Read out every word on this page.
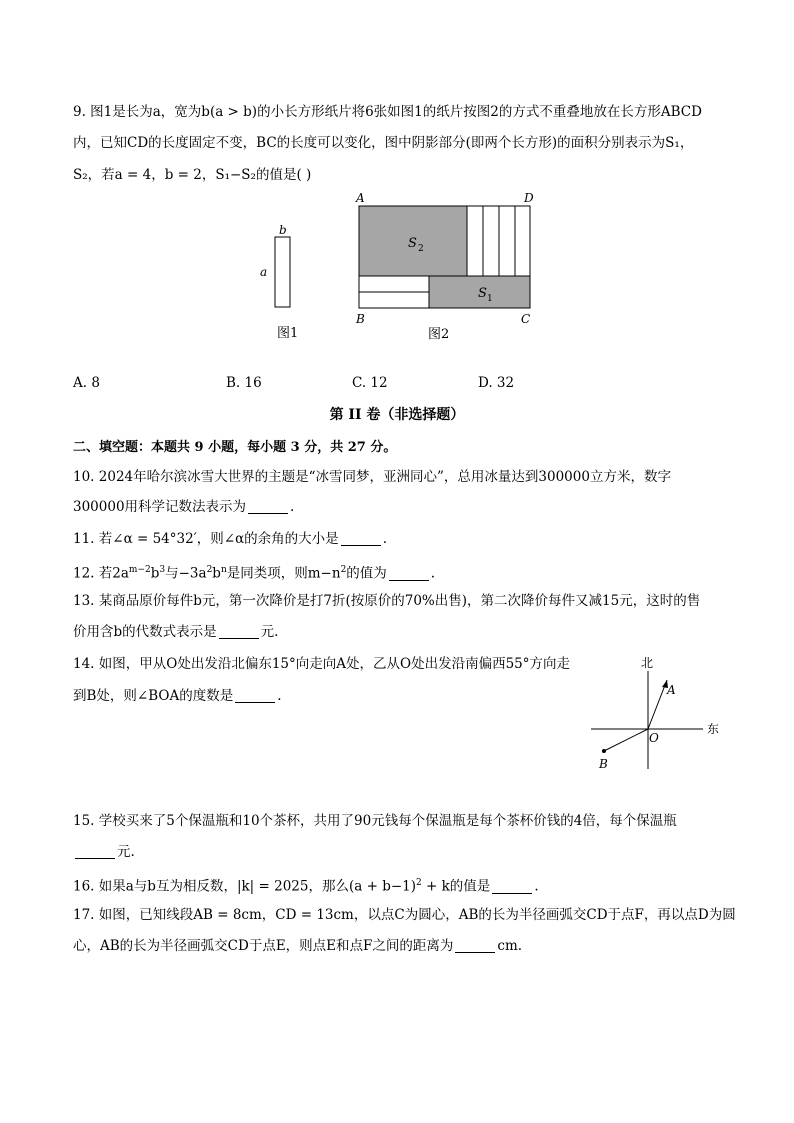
9. 图1是长为a，宽为b(a > b)的小长方形纸片将6张如图1的纸片按图2的方式不重叠地放在长方形ABCD
内，已知CD的长度固定不变，BC的长度可以变化，图中阴影部分(即两个长方形)的面积分别表示为S₁，
S₂，若a = 4，b = 2，S₁−S₂的值是( )
b
a
图1
A	D
B	C
S 2
S 1
图2
A. 8	B. 16	C. 12	D. 32
第 II 卷（非选择题）
二、填空题：本题共 9 小题，每小题 3 分，共 27 分。
10. 2024年哈尔滨冰雪大世界的主题是“冰雪同梦，亚洲同心”，总用冰量达到300000立方米，数字
300000用科学记数法表示为	.
11. 若∠α = 54°32′，则∠α的余角的大小是	.
12. 若$2a^{m-2}b^3$与$-3a^2b^n$是同类项，则$m-n^2$的值为	.
13. 某商品原价每件b元，第一次降价是打7折(按原价的70%出售)，第二次降价每件又减15元，这时的售
价用含b的代数式表示是	元.
14. 如图，甲从O处出发沿北偏东15°向走向A处，乙从O处出发沿南偏西55°方向走
到B处，则∠BOA的度数是	.
北
东
A
O
B
15. 学校买来了5个保温瓶和10个茶杯，共用了90元钱每个保温瓶是每个茶杯价钱的4倍，每个保温瓶
元.
16. 如果a与b互为相反数，|k| = 2025，那么$(a + b-1)^2 + k$的值是	.
17. 如图，已知线段AB = 8cm，CD = 13cm，以点C为圆心，AB的长为半径画弧交CD于点F，再以点D为圆
心，AB的长为半径画弧交CD于点E，则点E和点F之间的距离为	cm.
